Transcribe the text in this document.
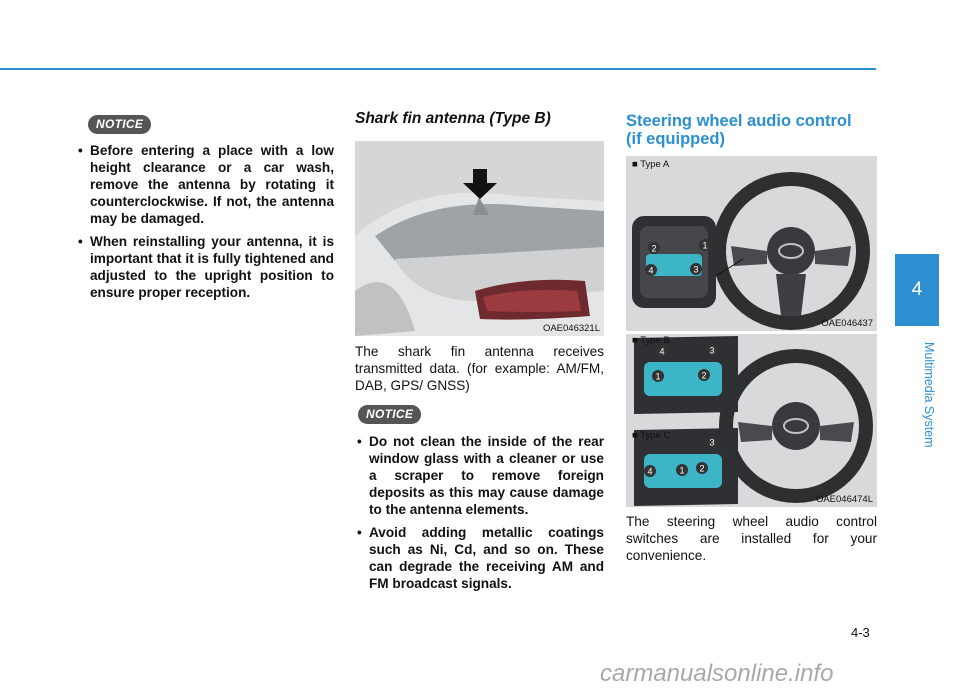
NOTICE
• Before entering a place with a low height clearance or a car wash, remove the antenna by rotating it counterclockwise. If not, the antenna may be damaged.
• When reinstalling your antenna, it is important that it is fully tightened and adjusted to the upright position to ensure proper reception.
Shark fin antenna (Type B)
OAE046321L
The shark fin antenna receives transmitted data. (for example: AM/FM, DAB, GPS/ GNSS)
NOTICE
• Do not clean the inside of the rear window glass with a cleaner or use a scraper to remove foreign deposits as this may cause damage to the antenna elements.
• Avoid adding metallic coatings such as Ni, Cd, and so on. These can degrade the receiving AM and FM broadcast signals.
Steering wheel audio control
(if equipped)
4	3
1
2
■ Type A
OAE046437
4	3
1	2
3
1 2
4
■ Type B
■ Type C
OAE046474L
The steering wheel audio control switches are installed for your convenience.
4
Multimedia System
4-3
carmanualsonline.info
